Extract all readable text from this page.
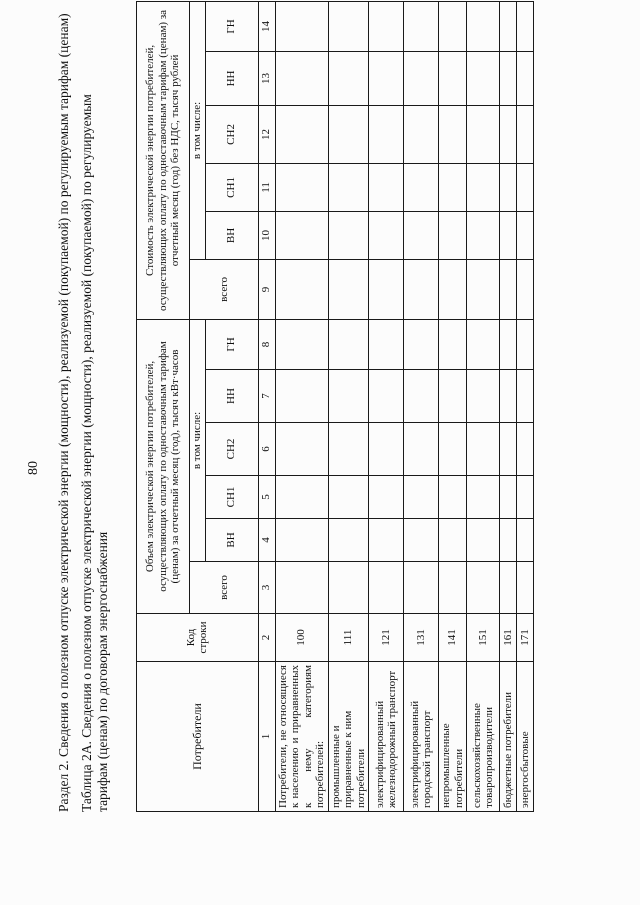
80 Раздел 2. Сведения о полезном отпуске электрической энергии (мощности), реализуемой (покупаемой) по регулируемым тарифам (ценам) Таблица 2А. Сведения о полезном отпуске электрической энергии (мощности), реализуемой (покупаемой) по регулируемым тарифам (ценам) по договорам энергоснабжения	Потребители	Код строки	Объем электрической энергии потребителей, осуществляющих оплату по одноставочным тарифам (ценам) за отчетный месяц (год), тысяч кВт·часов						Стоимость электрической энергии потребителей, осуществляющих оплату по одноставочным тарифам (ценам) за отчетный месяц (год) без НДС, тысяч рублей					
		всего	в том числе:					всего	в том числе:				
			ВН	СН1	СН2	НН	ГН		ВН	СН1	СН2	НН	ГН
1	2	3	4	5	6	7	8	9	10	11	12	13	14
Потребители, не относящиеся к населению и приравненных к нему категориям потребителей:	100												
промышленные и приравненные к ним потребители	111												
электрифицированный железнодорожный транспорт	121												
электрифицированный городской транспорт	131												
непромышленные потребители	141												
сельскохозяйственные товаропроизводители	151												
бюджетные потребители	161												
энергосбытовые	171												
